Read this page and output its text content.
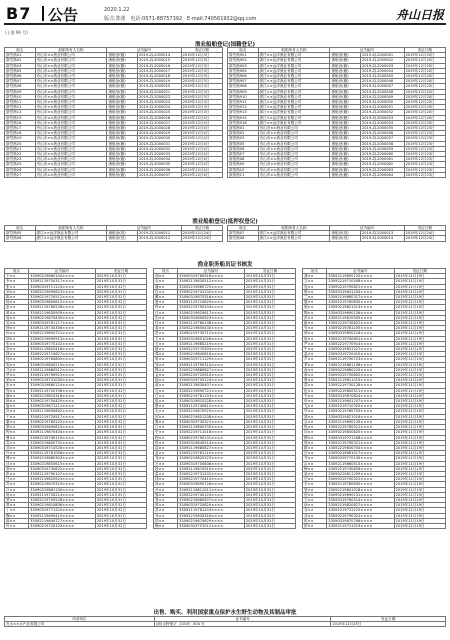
B7 公告	2020.1.22
版式:郑蕾 电话:0571-88757392 E-mail:740561932@qq.com	舟山日报
(土地 96 号)
渔业船舶登记(国籍登记)
船名	船舶所有人名称	证书编号		发证日期
浙岱渔01	舟山市××渔业有限公司	渔船登(籍)	2019-ZJ-2000014	2019年12月3日
浙岱渔02	舟山市××渔业有限公司	渔船登(籍)	2019-ZJ-2000015	2019年12月3日
浙岱渔03	舟山市××渔业有限公司	渔船登(籍)	2019-ZJ-2000016	2019年12月3日
浙岱渔05	舟山市××渔业有限公司	渔船登(籍)	2019-ZJ-2000017	2019年12月3日
浙岱渔06	舟山市××渔业有限公司	渔船登(籍)	2019-ZJ-2000018	2019年12月3日
浙岱渔07	舟山市××渔业有限公司	渔船登(籍)	2019-ZJ-2000019	2019年12月3日
浙岱渔08	舟山市××渔业有限公司	渔船登(籍)	2019-ZJ-2000020	2019年12月3日
浙岱渔09	舟山市××渔业有限公司	渔船登(籍)	2019-ZJ-2000021	2019年12月3日
浙岱渔10	舟山市××渔业有限公司	渔船登(籍)	2019-ZJ-2000022	2019年12月3日
浙岱渔11	舟山市××渔业有限公司	渔船登(籍)	2019-ZJ-2000023	2019年12月3日
浙岱渔12	舟山市××渔业有限公司	渔船登(籍)	2019-ZJ-2000024	2019年12月3日
浙岱渔13	舟山市××渔业有限公司	渔船登(籍)	2019-ZJ-2000025	2019年12月3日
浙岱渔15	舟山市××渔业有限公司	渔船登(籍)	2019-ZJ-2000026	2019年12月4日
浙岱渔16	舟山市××渔业有限公司	渔船登(籍)	2019-ZJ-2000027	2019年12月4日
浙岱渔17	舟山市××渔业有限公司	渔船登(籍)	2019-ZJ-2000028	2019年12月4日
浙岱渔18	舟山市××渔业有限公司	渔船登(籍)	2019-ZJ-2000029	2019年12月4日
浙岱渔19	舟山市××渔业有限公司	渔船登(籍)	2019-ZJ-2000030	2019年12月4日
浙岱渔20	舟山市××渔业有限公司	渔船登(籍)	2019-ZJ-2000031	2019年12月4日
浙岱渔21	舟山市××渔业有限公司	渔船登(籍)	2019-ZJ-2000032	2019年12月4日
浙岱渔22	舟山市××渔业有限公司	渔船登(籍)	2019-ZJ-2000033	2019年12月4日
浙岱渔23	舟山市××渔业有限公司	渔船登(籍)	2019-ZJ-2000034	2019年12月4日
浙岱渔25	舟山市××渔业有限公司	渔船登(籍)	2019-ZJ-2000035	2019年12月4日
浙岱渔26	舟山市××渔业有限公司	渔船登(籍)	2019-ZJ-2000036	2019年12月4日
浙岱渔27	舟山市××渔业有限公司	渔船登(籍)	2019-ZJ-2000037	2019年12月4日
船名	船舶所有人名称	证书编号		发证日期
浙岱渔901	浙江××远洋渔业有限公司	渔船登(籍)	2019-ZJ-2000041	2019年12月20日
浙岱渔902	浙江××远洋渔业有限公司	渔船登(籍)	2019-ZJ-2000042	2019年12月20日
浙岱渔903	浙江××远洋渔业有限公司	渔船登(籍)	2019-ZJ-2000043	2019年12月20日
浙岱渔905	浙江××远洋渔业有限公司	渔船登(籍)	2019-ZJ-2000044	2019年12月20日
浙岱渔906	浙江××远洋渔业有限公司	渔船登(籍)	2019-ZJ-2000045	2019年12月20日
浙岱渔907	浙江××远洋渔业有限公司	渔船登(籍)	2019-ZJ-2000046	2019年12月20日
浙岱渔908	浙江××远洋渔业有限公司	渔船登(籍)	2019-ZJ-2000047	2019年12月20日
浙岱渔909	浙江××远洋渔业有限公司	渔船登(籍)	2019-ZJ-2000048	2019年12月20日
浙岱渔910	浙江××远洋渔业有限公司	渔船登(籍)	2019-ZJ-2000049	2019年12月20日
浙岱渔911	浙江××远洋渔业有限公司	渔船登(籍)	2019-ZJ-2000050	2019年12月20日
浙岱渔912	浙江××远洋渔业有限公司	渔船登(籍)	2019-ZJ-2000051	2019年12月20日
浙岱渔913	浙江××远洋渔业有限公司	渔船登(籍)	2019-ZJ-2000052	2019年12月20日
浙岱渔915	浙江××远洋渔业有限公司	渔船登(籍)	2019-ZJ-2000053	2019年12月20日
浙岱渔916	浙江××远洋渔业有限公司	渔船登(籍)	2019-ZJ-2000054	2019年12月20日
浙普渔01	舟山市××渔业有限公司	渔船登(籍)	2019-ZJ-2000055	2019年12月23日
浙普渔02	舟山市××渔业有限公司	渔船登(籍)	2019-ZJ-2000056	2019年12月23日
浙普渔03	舟山市××渔业有限公司	渔船登(籍)	2019-ZJ-2000057	2019年12月23日
浙普渔05	舟山市××渔业有限公司	渔船登(籍)	2019-ZJ-2000058	2019年12月23日
浙普渔06	舟山市××渔业有限公司	渔船登(籍)	2019-ZJ-2000059	2019年12月23日
浙普渔07	舟山市××渔业有限公司	渔船登(籍)	2019-ZJ-2000060	2019年12月23日
浙普渔08	舟山市××渔业有限公司	渔船登(籍)	2019-ZJ-2000061	2019年12月23日
浙普渔09	舟山市××渔业有限公司	渔船登(籍)	2019-ZJ-2000062	2019年12月23日
浙普渔10	舟山市××渔业有限公司	渔船登(籍)	2019-ZJ-2000063	2019年12月23日
浙普渔11	舟山市××渔业有限公司	渔船登(籍)	2019-ZJ-2000064	2019年12月23日
渔业船舶登记(抵押权登记)
船名	船舶所有人名称	证书编号		发证日期
浙岱渔05	浙江××远洋渔业有限公司	渔船登(抵)	2019-ZJ-2000011	2019年12月24日
浙岱渔06	浙江××远洋渔业有限公司	渔船登(抵)	2019-ZJ-2000012	2019年12月24日
船名	船舶所有人名称	证书编号		发证日期
浙岱渔07	浙江××远洋渔业有限公司	渔船登(抵)	2019-ZJ-2000013	2019年12月24日
浙岱渔08	浙江××远洋渔业有限公司	渔船登(抵)	2019-ZJ-2000014	2019年12月24日
渔业职务船员证书核发
姓名	证书编号	发证日期
王××	33090219680104××××	2019年10月31日
李××	33092119750317××××	2019年10月31日
张××	33090319711124××××	2019年10月31日
刘××	33092219690823××××	2019年10月31日
陈××	33090219720512××××	2019年10月31日
杨××	33090319800615××××	2019年10月31日
赵××	33092119760228××××	2019年10月31日
黄××	33092219830909××××	2019年10月31日
周××	33090219670430××××	2019年10月31日
吴××	33090319781117××××	2019年10月31日
徐××	33092119740306××××	2019年10月31日
孙××	33092219850721××××	2019年10月31日
胡××	33090219690913××××	2019年10月31日
朱××	33090319770102××××	2019年10月31日
高××	33092119820418××××	2019年10月31日
林××	33092219710627××××	2019年10月31日
何××	33090219760805××××	2019年10月31日
郭××	33090319840219××××	2019年10月31日
马××	33092119680512××××	2019年10月31日
罗××	33092219790923××××	2019年10月31日
梁××	33090219731030××××	2019年10月31日
宋××	33090319860114××××	2019年10月31日
郑××	33092119700708××××	2019年10月31日
谢××	33092219810316××××	2019年10月31日
韩××	33090219750429××××	2019年10月31日
唐××	33090319671211××××	2019年10月31日
冯××	33092119830602××××	2019年10月31日
于××	33092219720917××××	2019年10月31日
董××	33090219780225××××	2019年10月31日
萧××	33090319690810××××	2019年10月31日
程××	33092119870404××××	2019年10月31日
曹××	33092219740119××××	2019年10月31日
袁××	33090219800731××××	2019年10月31日
邓××	33090319710526××××	2019年10月31日
许××	33092119761008××××	2019年10月31日
傅××	33092219680303××××	2019年10月31日
沈××	33090219850615××××	2019年10月31日
曾××	33090319730822××××	2019年10月31日
彭××	33092119790107××××	2019年10月31日
吕××	33092219820924××××	2019年10月31日
苏××	33090219670319××××	2019年10月31日
卢××	33090319861130××××	2019年10月31日
蒋××	33092119750214××××	2019年10月31日
蔡××	33092219700528××××	2019年10月31日
贾××	33090219810806××××	2019年10月31日
丁××	33090319771220××××	2019年10月31日
魏××	33092119690410××××	2019年10月31日
薛××	33092219840727××××	2019年10月31日
叶××	33090219720103××××	2019年10月31日
姓名	证书编号	发证日期
阎××	33090319780918××××	2019年10月31日
余××	33092119830512××××	2019年10月31日
潘××	33092219660725××××	2019年10月31日
杜××	33090219741102××××	2019年10月31日
戴××	33090319870316××××	2019年10月31日
夏××	33092119710829××××	2019年10月31日
钟××	33092219790204××××	2019年10月31日
汪××	33090219820617××××	2019年10月31日
田××	33090319690923××××	2019年10月31日
任××	33092119760108××××	2019年10月31日
姜××	33092219850430××××	2019年10月31日
范××	33090219730712××××	2019年10月31日
方××	33090319801026××××	2019年10月31日
石××	33092119680219××××	2019年10月31日
姚××	33092219770503××××	2019年10月31日
谭××	33090219840816××××	2019年10月31日
廖××	33090319711129××××	2019年10月31日
邹××	33092119790314××××	2019年10月31日
熊××	33092219860627××××	2019年10月31日
金××	33090219720910××××	2019年10月31日
陆××	33090319750124××××	2019年10月31日
郝××	33092119830407××××	2019年10月31日
孔××	33092219690721××××	2019年10月31日
白××	33090219781103××××	2019年10月31日
崔××	33090319810228××××	2019年10月31日
康××	33092119740612××××	2019年10月31日
毛××	33092219670925××××	2019年10月31日
邱××	33090219851208××××	2019年10月31日
秦××	33090319730321××××	2019年10月31日
江××	33092119800705××××	2019年10月31日
史××	33092219711018××××	2019年10月31日
顾××	33090219790131××××	2019年10月31日
侯××	33090319840514××××	2019年10月31日
邵××	33092119680827××××	2019年10月31日
孟××	33092219761110××××	2019年10月31日
龙××	33090219820223××××	2019年10月31日
万××	33090319700606××××	2019年10月31日
段××	33092119870919××××	2019年10月31日
雷××	33092219731202××××	2019年10月31日
钱××	33090219770415××××	2019年10月31日
汤××	33090319690728××××	2019年10月31日
尹××	33092119811011××××	2019年10月31日
黎××	33092219740124××××	2019年10月31日
易××	33090219860507××××	2019年10月31日
常××	33090319720820××××	2019年10月31日
武××	33092119781203××××	2019年10月31日
乔××	33092219830316××××	2019年10月31日
贺××	33090219670629××××	2019年10月31日
赖××	33090319751012××××	2019年10月31日
姓名	证书编号	发证日期
龚××	33092119800125××××	2019年11月19日
文××	33092219710508××××	2019年11月19日
庞××	33090219790821××××	2019年11月19日
樊××	33090319841204××××	2019年11月19日
兰××	33092119680317××××	2019年11月19日
殷××	33092219760630××××	2019年11月19日
施××	33090219821013××××	2019年11月19日
陶××	33090319690126××××	2019年11月19日
洪××	33092119870509××××	2019年11月19日
翟××	33092219730822××××	2019年11月19日
安××	33090219781105××××	2019年11月19日
颜××	33090319850218××××	2019年11月19日
倪××	33092119700601××××	2019年11月19日
严××	33092219770914××××	2019年11月19日
牛××	33090219831227××××	2019年11月19日
温××	33090319720410××××	2019年11月19日
芦××	33092119790723××××	2019年11月19日
季××	33092219861106××××	2019年11月19日
俞××	33090219680219××××	2019年11月19日
章××	33090319750602××××	2019年11月19日
鲁××	33092119811015××××	2019年11月19日
葛××	33092219730128××××	2019年11月19日
伍××	33090219800511××××	2019年11月19日
韦××	33090319670824××××	2019年11月19日
申××	33092119841207××××	2019年11月19日
尤××	33092219710320××××	2019年11月19日
毕××	33090219780703××××	2019年11月19日
聂××	33090319821016××××	2019年11月19日
丛××	33092119690129××××	2019年11月19日
焦××	33092219760512××××	2019年11月19日
向××	33090219850825××××	2019年11月19日
柳××	33090319721208××××	2019年11月19日
邢××	33092119790321××××	2019年11月19日
路××	33092219830704××××	2019年11月19日
岳××	33090219681017××××	2019年11月19日
齐××	33090319770130××××	2019年11月19日
沿××	33092119860513××××	2019年11月19日
梅××	33092219740826××××	2019年11月19日
莫××	33090219811209××××	2019年11月19日
庄××	33090319700322××××	2019年11月19日
辛××	33092119780605××××	2019年11月19日
管××	33092219841018××××	2019年11月19日
祝××	33090219690131××××	2019年11月19日
左××	33090319760514××××	2019年11月19日
涂××	33092119820827××××	2019年11月19日
谷××	33092219731210××××	2019年11月19日
祁××	33090219790323××××	2019年11月19日
时××	33090319870706××××	2019年11月19日
舒××	33092119711019××××	2019年11月19日
出售、购买、利用国家重点保护水生野生动物及其制品审批
申请单位	证书编号	发证日期
舟山××水产品有限公司	(浙)水野保字〔2019〕004 号	2019年12月25日
